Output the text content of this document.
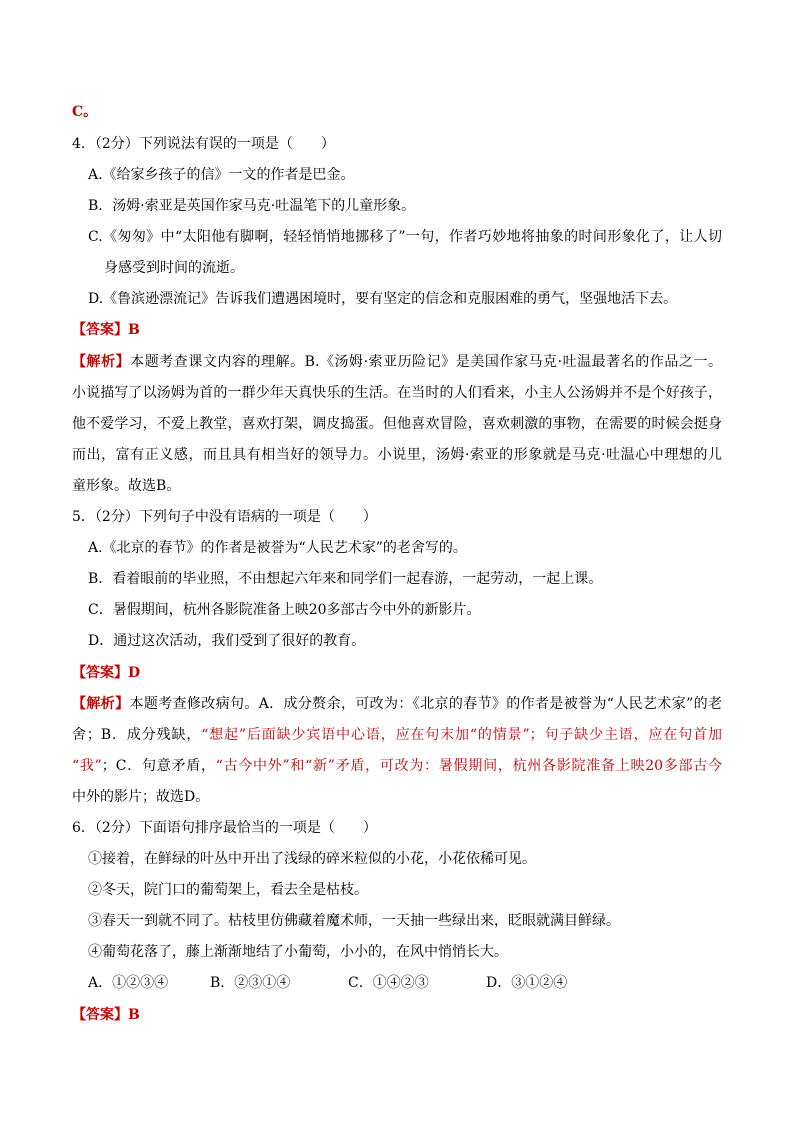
C。
4．（2分）下列说法有误的一项是（　　）
A.《给家乡孩子的信》一文的作者是巴金。
B．汤姆·索亚是英国作家马克·吐温笔下的儿童形象。
C.《匆匆》中“太阳他有脚啊，轻轻悄悄地挪移了”一句，作者巧妙地将抽象的时间形象化了，让人切
身感受到时间的流逝。
D.《鲁滨逊漂流记》告诉我们遭遇困境时，要有坚定的信念和克服困难的勇气，坚强地活下去。
【答案】B
【解析】本题考查课文内容的理解。B.《汤姆·索亚历险记》是美国作家马克·吐温最著名的作品之一。
小说描写了以汤姆为首的一群少年天真快乐的生活。在当时的人们看来，小主人公汤姆并不是个好孩子，
他不爱学习，不爱上教堂，喜欢打架，调皮捣蛋。但他喜欢冒险，喜欢刺激的事物，在需要的时候会挺身
而出，富有正义感，而且具有相当好的领导力。小说里，汤姆·索亚的形象就是马克·吐温心中理想的儿
童形象。故选B。
5．（2分）下列句子中没有语病的一项是（　　）
A.《北京的春节》的作者是被誉为“人民艺术家”的老舍写的。
B．看着眼前的毕业照，不由想起六年来和同学们一起春游，一起劳动，一起上课。
C．暑假期间，杭州各影院准备上映20多部古今中外的新影片。
D．通过这次活动，我们受到了很好的教育。
【答案】D
【解析】本题考查修改病句。A．成分赘余，可改为：《北京的春节》的作者是被誉为“人民艺术家”的老
舍；B．成分残缺，“想起”后面缺少宾语中心语，应在句末加“的情景”；句子缺少主语，应在句首加
“我”；C．句意矛盾，“古今中外”和“新”矛盾，可改为：暑假期间，杭州各影院准备上映20多部古今
中外的影片；故选D。
6．（2分）下面语句排序最恰当的一项是（　　）
①接着，在鲜绿的叶丛中开出了浅绿的碎米粒似的小花，小花依稀可见。
②冬天，院门口的葡萄架上，看去全是枯枝。
③春天一到就不同了。枯枝里仿佛藏着魔术师，一天抽一些绿出来，眨眼就满目鲜绿。
④葡萄花落了，藤上渐渐地结了小葡萄，小小的，在风中悄悄长大。
A．①②③④	B．②③①④	C．①④②③	D．③①②④
【答案】B
